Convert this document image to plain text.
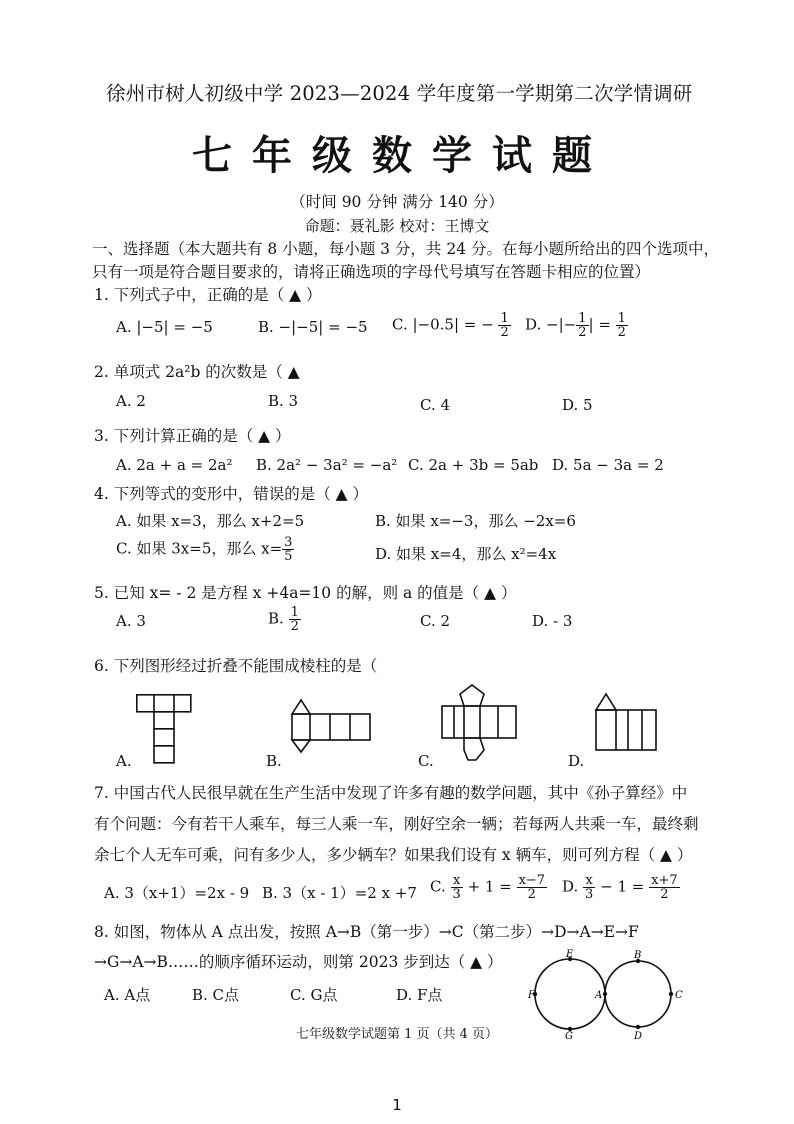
徐州市树人初级中学 2023—2024 学年度第一学期第二次学情调研
七年级数学试题
（时间 90 分钟 满分 140 分）
命题：聂礼影 校对：王博文
一、选择题（本大题共有 8 小题，每小题 3 分，共 24 分。在每小题所给出的四个选项中，
只有一项是符合题目要求的，请将正确选项的字母代号填写在答题卡相应的位置）
1. 下列式子中，正确的是（ ▲ ）
A. |−5| = −5	B. −|−5| = −5 C. |−0.5| = − $\frac{1}{2} D$. −|− $\frac{1}{2}$ | = $\frac{1}{2}$
2. 单项式 2a²b 的次数是（ ▲
A. 2	B. 3	C. 4	D. 5
3. 下列计算正确的是（ ▲ ）
A. 2a + a = 2a² B. 2a² − 3a² = −a² C. 2a + 3b = 5ab D. 5a − 3a = 2
4. 下列等式的变形中，错误的是（ ▲ ）
A. 如果 x=3，那么 x+2=5	B. 如果 x=−3，那么 −2x=6
C. 如果 3x=5，那么 $x= \frac{3}{5}$	D. 如果 x=4，那么 x²=4x
5. 已知 x= - 2 是方程 x +4a=10 的解，则 a 的值是（ ▲ ）
A. 3	B. $\frac{1}{2}$	C. 2	D. - 3
6. 下列图形经过折叠不能围成棱柱的是（
A.	B.	C.	D.
7. 中国古代人民很早就在生产生活中发现了许多有趣的数学问题，其中《孙子算经》中
有个问题：今有若干人乘车，每三人乘一车，刚好空余一辆；若每两人共乘一车，最终剩
余七个人无车可乘，问有多少人，多少辆车？如果我们设有 x 辆车，则可列方程（ ▲ ）
A. 3（x+1）=2x - 9 B. 3（x - 1）=2 x +7 C. $\frac{x}{3} + 1 = \frac{x-7}{2} D$. $\frac{x}{3} - 1 = \frac{x+7}{2}$
8. 如图，物体从 A 点出发，按照 A→B（第一步）→C（第二步）→D→A→E→F
→G→A→B……的顺序循环运动，则第 2023 步到达（ ▲ ）
A. A点	B. C点	C. G点	D. F点
E
F
G
A
B
C
D
七年级数学试题第 1 页（共 4 页）
1
